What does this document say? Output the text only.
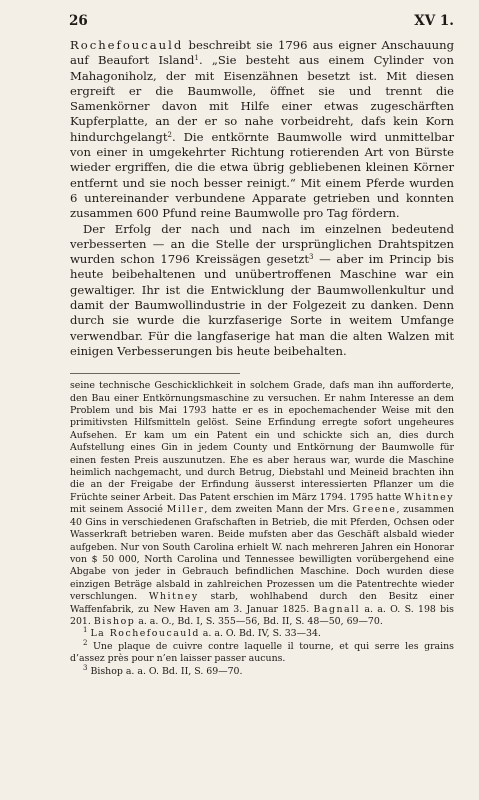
26	XV 1.

Rochefoucauld beschreibt sie 1796 aus eigner Anschauung auf Beaufort Island$^1$. „Sie besteht aus einem Cylinder von Mahagoniholz, der mit Eisenzähnen besetzt ist. Mit diesen ergreift er die Baumwolle, öffnet sie und trennt die Samenkörner davon mit Hilfe einer etwas zugeschärften Kupferplatte, an der er so nahe vorbeidreht, dafs kein Korn hindurchgelangt$^2$. Die entkörnte Baumwolle wird unmittelbar von einer in umgekehrter Richtung rotierenden Art von Bürste wieder ergriffen, die die etwa übrig gebliebenen kleinen Körner entfernt und sie noch besser reinigt.“ Mit einem Pferde wurden 6 untereinander verbundene Apparate getrieben und konnten zusammen 600 Pfund reine Baumwolle pro Tag fördern.

Der Erfolg der nach und nach im einzelnen bedeutend verbesserten — an die Stelle der ursprünglichen Drahtspitzen wurden schon 1796 Kreissägen gesetzt$^3$ — aber im Princip bis heute beibehaltenen und unübertroffenen Maschine war ein gewaltiger. Ihr ist die Entwicklung der Baumwollenkultur und damit der Baumwollindustrie in der Folgezeit zu danken. Denn durch sie wurde die kurzfaserige Sorte in weitem Umfange verwendbar. Für die langfaserige hat man die alten Walzen mit einigen Verbesserungen bis heute beibehalten.

seine technische Geschicklichkeit in solchem Grade, dafs man ihn aufforderte, den Bau einer Entkörnungsmaschine zu versuchen. Er nahm Interesse an dem Problem und bis Mai 1793 hatte er es in epochemachender Weise mit den primitivsten Hilfsmitteln gelöst. Seine Erfindung erregte sofort ungeheures Aufsehen. Er kam um ein Patent ein und schickte sich an, dies durch Aufstellung eines Gin in jedem County und Entkörnung der Baumwolle für einen festen Preis auszunutzen. Ehe es aber heraus war, wurde die Maschine heimlich nachgemacht, und durch Betrug, Diebstahl und Meineid brachten ihn die an der Freigabe der Erfindung äusserst interessierten Pflanzer um die Früchte seiner Arbeit. Das Patent erschien im März 1794. 1795 hatte Whitney mit seinem Associé Miller, dem zweiten Mann der Mrs. Greene, zusammen 40 Gins in verschiedenen Grafschaften in Betrieb, die mit Pferden, Ochsen oder Wasserkraft betrieben waren. Beide mufsten aber das Geschäft alsbald wieder aufgeben. Nur von South Carolina erhielt W. nach mehreren Jahren ein Honorar von $ 50 000, North Carolina und Tennessee bewilligten vorübergehend eine Abgabe von jeder in Gebrauch befindlichen Maschine. Doch wurden diese einzigen Beträge alsbald in zahlreichen Prozessen um die Patentrechte wieder verschlungen. Whitney starb, wohlhabend durch den Besitz einer Waffenfabrik, zu New Haven am 3. Januar 1825. Bagnall a. a. O. S. 198 bis 201. Bishop a. a. O., Bd. I, S. 355—56, Bd. II, S. 48—50, 69—70.

$^1$ La Rochefoucauld a. a. O. Bd. IV, S. 33—34.

$^2$ Une plaque de cuivre contre laquelle il tourne, et qui serre les grains d’assez près pour n’en laisser passer aucuns.

$^3$ Bishop a. a. O. Bd. II, S. 69—70.
